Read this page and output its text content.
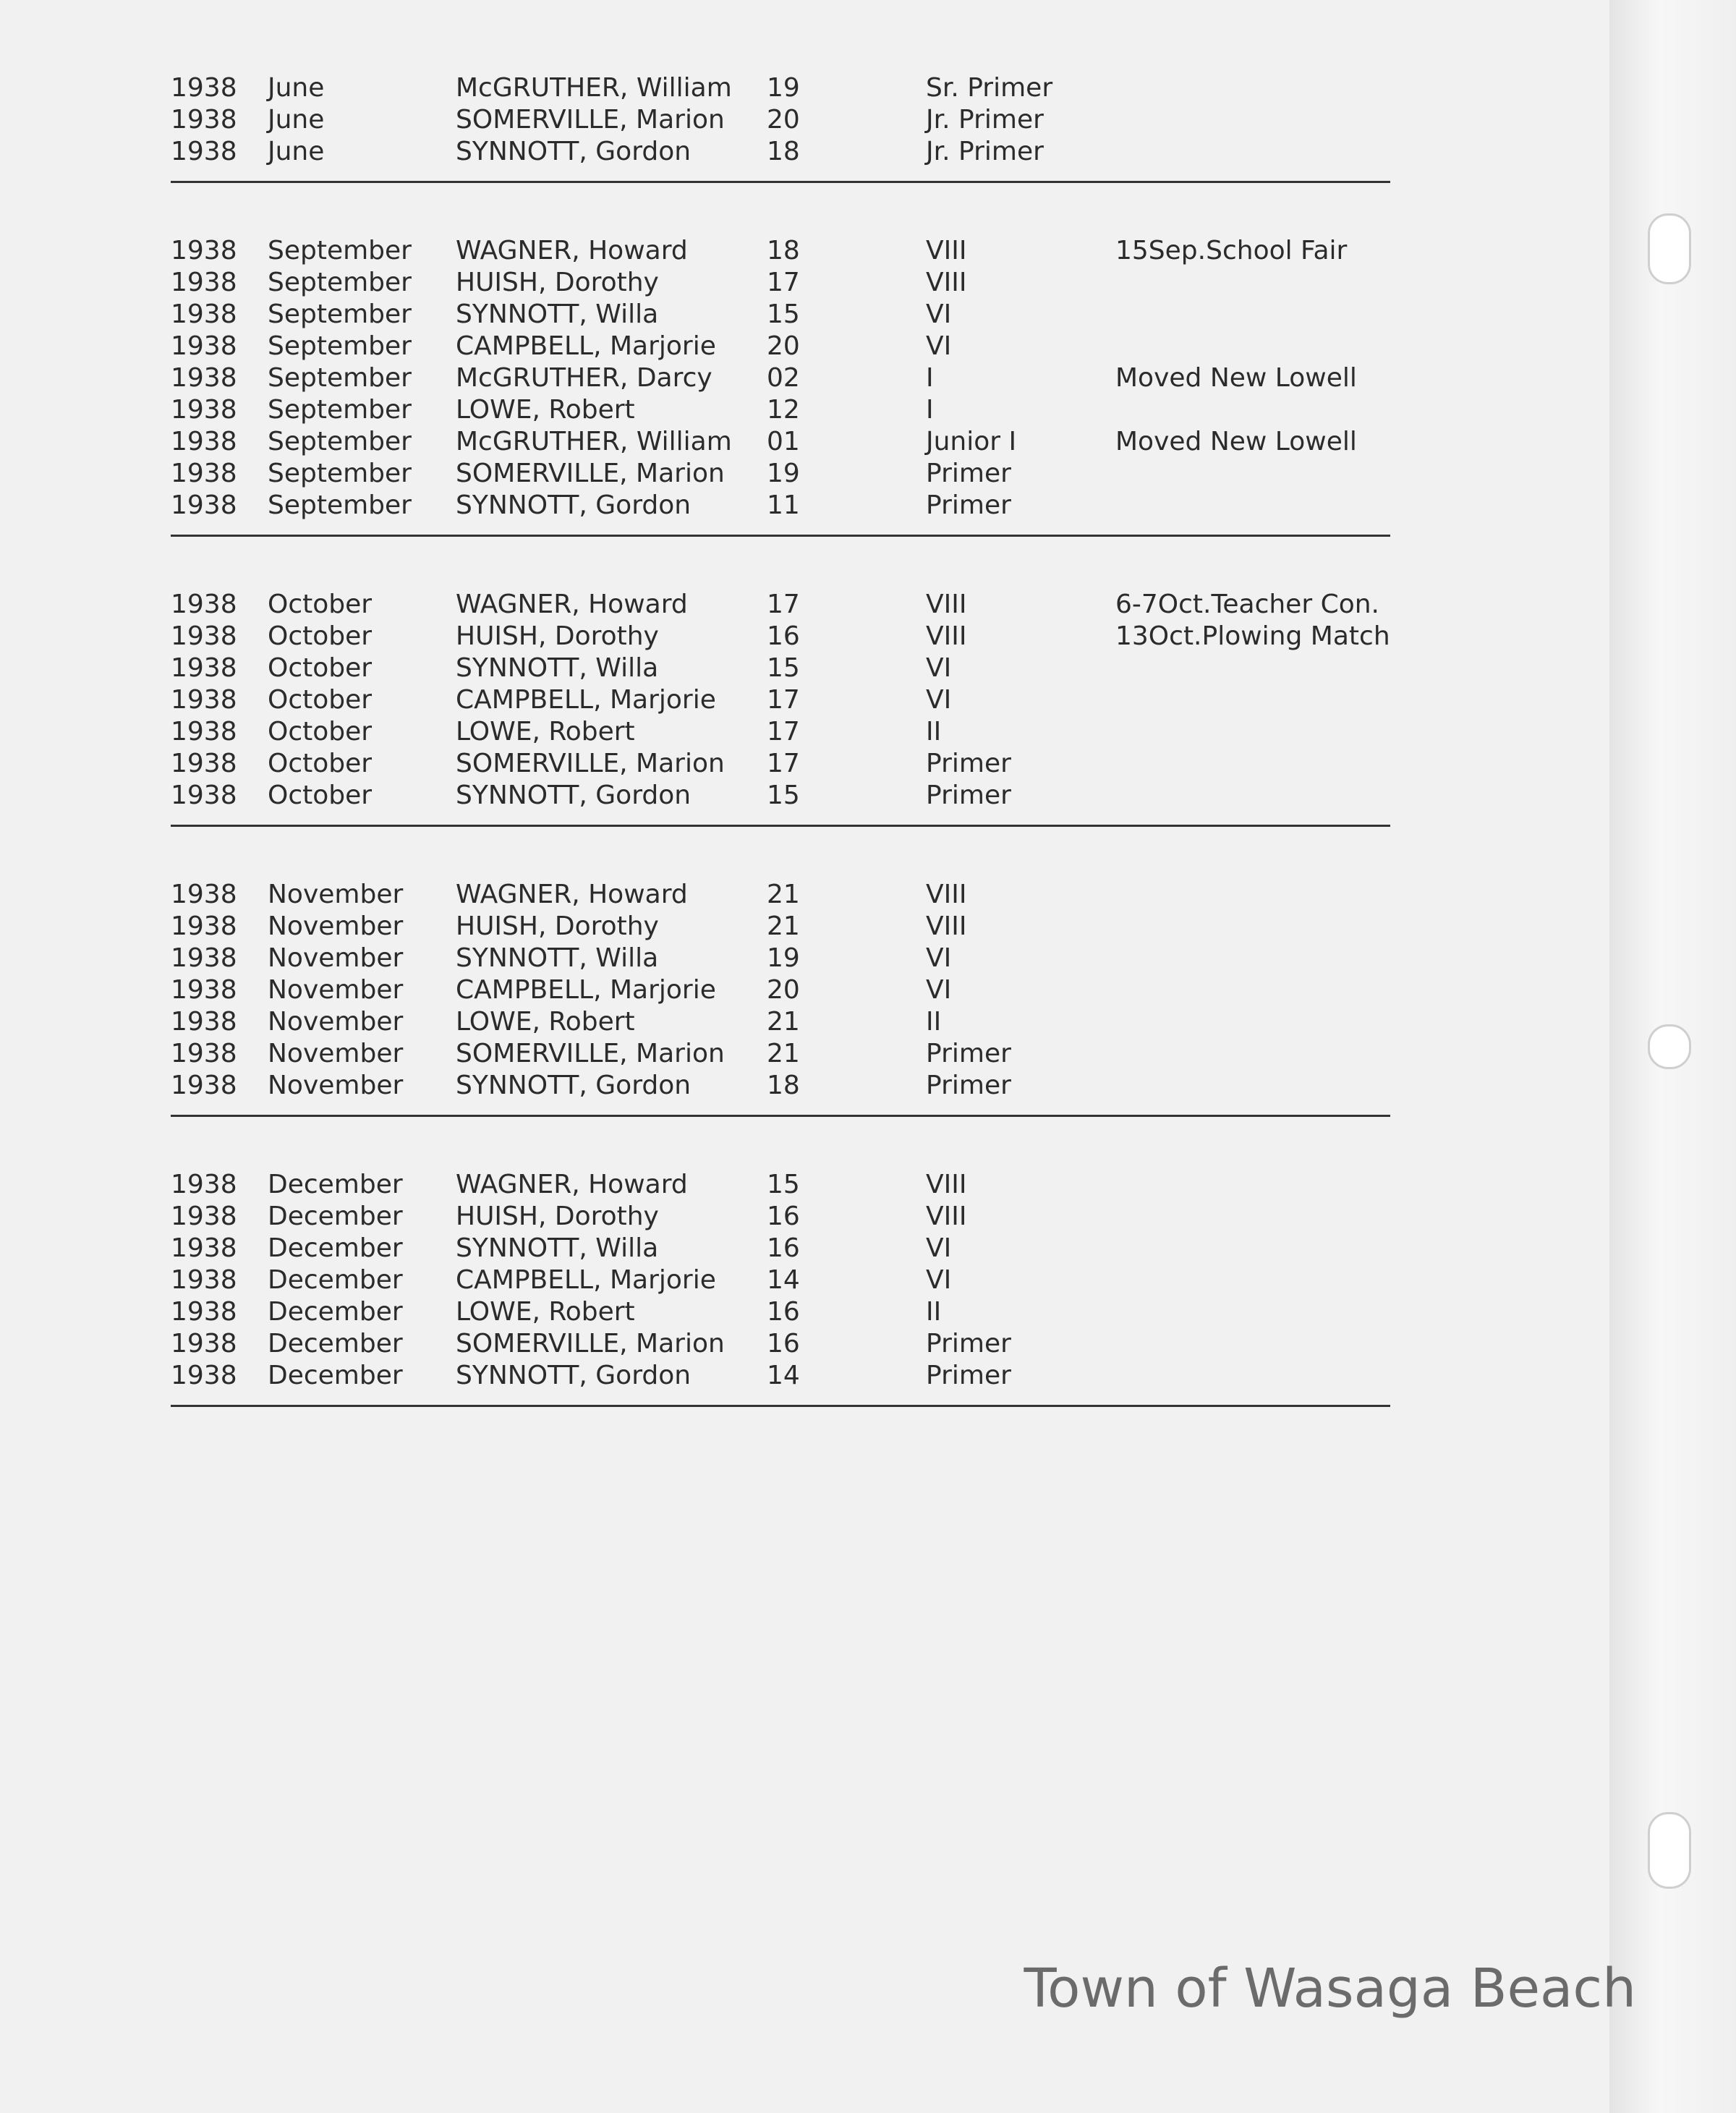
1938 June	McGRUTHER, William 19	Sr. Primer
1938 June	SOMERVILLE, Marion 20	Jr. Primer
1938 June	SYNNOTT, Gordon	18	Jr. Primer
1938 September WAGNER, Howard	18	VIII	15Sep.School Fair
1938 September HUISH, Dorothy	17	VIII
1938 September SYNNOTT, Willa	15	VI
1938 September CAMPBELL, Marjorie 20	VI
1938 September McGRUTHER, Darcy 02	I	Moved New Lowell
1938 September LOWE, Robert	12	I
1938 September McGRUTHER, William 01	Junior I	Moved New Lowell
1938 September SOMERVILLE, Marion 19	Primer
1938 September SYNNOTT, Gordon	11	Primer
1938 October	WAGNER, Howard	17	VIII	6-7Oct.Teacher Con.
1938 October	HUISH, Dorothy	16	VIII	13Oct.Plowing Match
1938 October	SYNNOTT, Willa	15	VI
1938 October	CAMPBELL, Marjorie 17	VI
1938 October	LOWE, Robert	17	II
1938 October	SOMERVILLE, Marion 17	Primer
1938 October	SYNNOTT, Gordon	15	Primer
1938 November WAGNER, Howard	21	VIII
1938 November HUISH, Dorothy	21	VIII
1938 November SYNNOTT, Willa	19	VI
1938 November CAMPBELL, Marjorie 20	VI
1938 November LOWE, Robert	21	II
1938 November SOMERVILLE, Marion 21	Primer
1938 November SYNNOTT, Gordon	18	Primer
1938 December WAGNER, Howard	15	VIII
1938 December HUISH, Dorothy	16	VIII
1938 December SYNNOTT, Willa	16	VI
1938 December CAMPBELL, Marjorie 14	VI
1938 December LOWE, Robert	16	II
1938 December SOMERVILLE, Marion 16	Primer
1938 December SYNNOTT, Gordon	14	Primer
Town of Wasaga Beach
